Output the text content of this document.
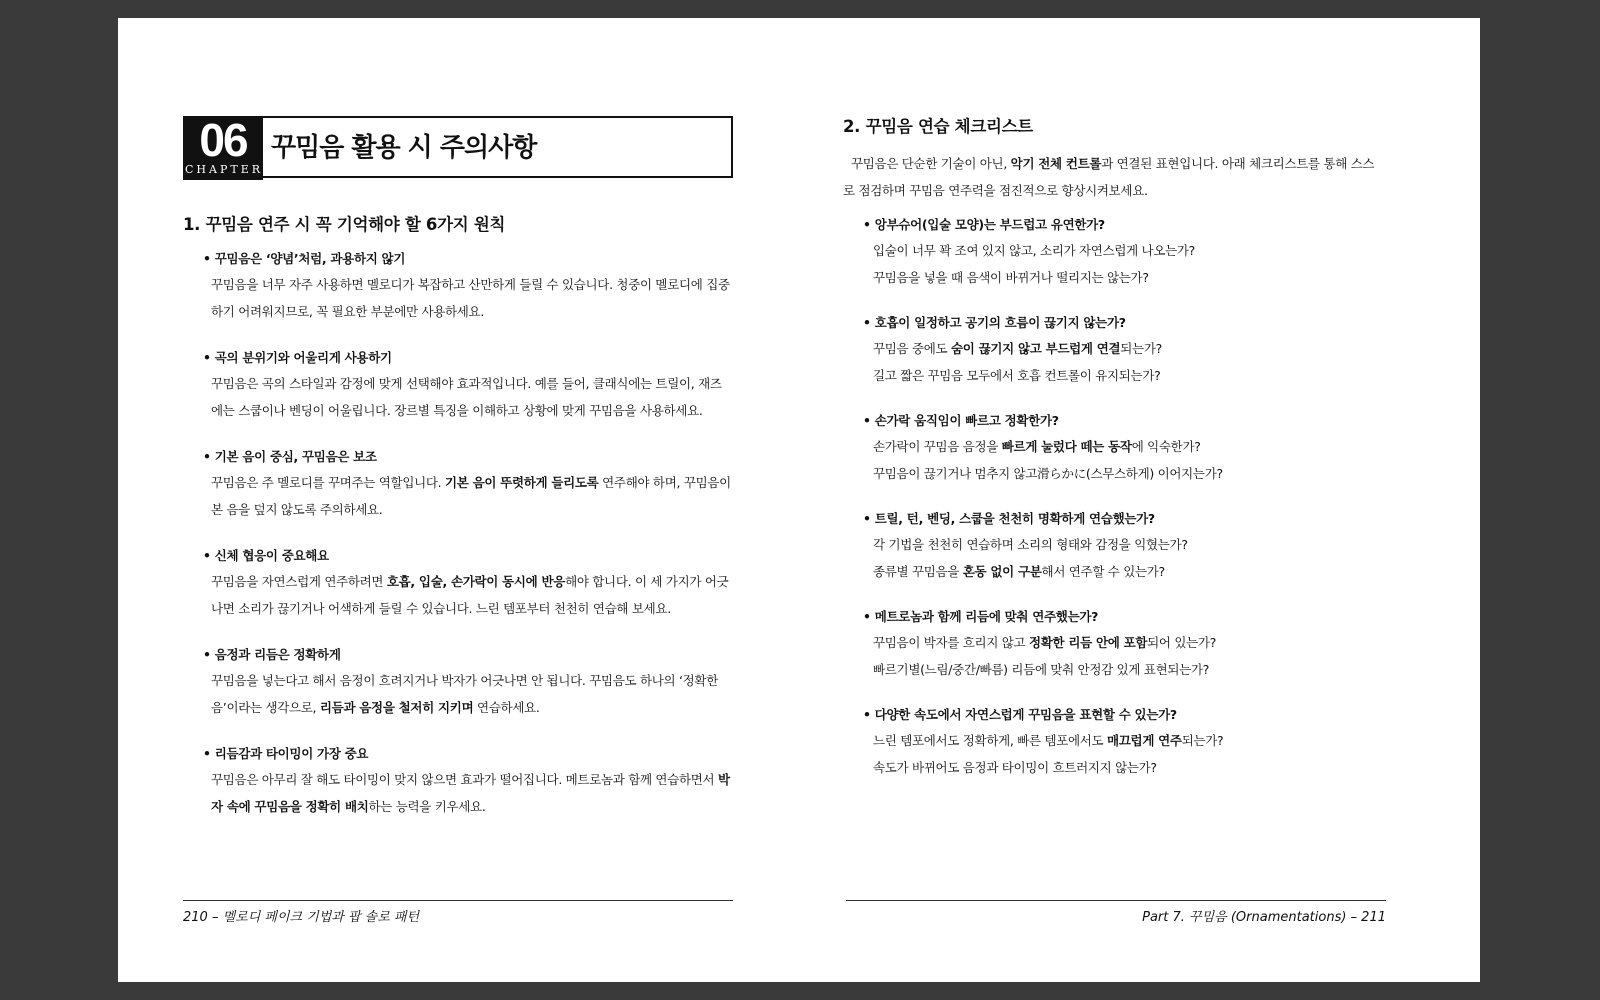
06
CHAPTER
꾸밈음 활용 시 주의사항
1. 꾸밈음 연주 시 꼭 기억해야 할 6가지 원칙
• 꾸밈음은 ‘양념’처럼, 과용하지 않기
꾸밈음을 너무 자주 사용하면 멜로디가 복잡하고 산만하게 들릴 수 있습니다. 청중이 멜로디에 집중하기 어려워지므로, 꼭 필요한 부분에만 사용하세요.
• 곡의 분위기와 어울리게 사용하기
꾸밈음은 곡의 스타일과 감정에 맞게 선택해야 효과적입니다. 예를 들어, 클래식에는 트릴이, 재즈에는 스쿱이나 벤딩이 어울립니다. 장르별 특징을 이해하고 상황에 맞게 꾸밈음을 사용하세요.
• 기본 음이 중심, 꾸밈음은 보조
꾸밈음은 주 멜로디를 꾸며주는 역할입니다. 기본 음이 뚜렷하게 들리도록 연주해야 하며, 꾸밈음이 본 음을 덮지 않도록 주의하세요.
• 신체 협응이 중요해요
꾸밈음을 자연스럽게 연주하려면 호흡, 입술, 손가락이 동시에 반응해야 합니다. 이 세 가지가 어긋나면 소리가 끊기거나 어색하게 들릴 수 있습니다. 느린 템포부터 천천히 연습해 보세요.
• 음정과 리듬은 정확하게
꾸밈음을 넣는다고 해서 음정이 흐려지거나 박자가 어긋나면 안 됩니다. 꾸밈음도 하나의 ‘정확한 음’이라는 생각으로, 리듬과 음정을 철저히 지키며 연습하세요.
• 리듬감과 타이밍이 가장 중요
꾸밈음은 아무리 잘 해도 타이밍이 맞지 않으면 효과가 떨어집니다. 메트로놈과 함께 연습하면서 박자 속에 꾸밈음을 정확히 배치하는 능력을 키우세요.
210 – 멜로디 페이크 기법과 팝 솔로 패턴
2. 꾸밈음 연습 체크리스트
꾸밈음은 단순한 기술이 아닌, 악기 전체 컨트롤과 연결된 표현입니다. 아래 체크리스트를 통해 스스로 점검하며 꾸밈음 연주력을 점진적으로 향상시켜보세요.
• 앙부슈어(입술 모양)는 부드럽고 유연한가?
입술이 너무 꽉 조여 있지 않고, 소리가 자연스럽게 나오는가?
꾸밈음을 넣을 때 음색이 바뀌거나 떨리지는 않는가?
• 호흡이 일정하고 공기의 흐름이 끊기지 않는가?
꾸밈음 중에도 숨이 끊기지 않고 부드럽게 연결되는가?
길고 짧은 꾸밈음 모두에서 호흡 컨트롤이 유지되는가?
• 손가락 움직임이 빠르고 정확한가?
손가락이 꾸밈음 음정을 빠르게 눌렀다 떼는 동작에 익숙한가?
꾸밈음이 끊기거나 멈추지 않고滑らかに(스무스하게) 이어지는가?
• 트릴, 턴, 벤딩, 스쿱을 천천히 명확하게 연습했는가?
각 기법을 천천히 연습하며 소리의 형태와 감정을 익혔는가?
종류별 꾸밈음을 혼동 없이 구분해서 연주할 수 있는가?
• 메트로놈과 함께 리듬에 맞춰 연주했는가?
꾸밈음이 박자를 흐리지 않고 정확한 리듬 안에 포함되어 있는가?
빠르기별(느림/중간/빠름) 리듬에 맞춰 안정감 있게 표현되는가?
• 다양한 속도에서 자연스럽게 꾸밈음을 표현할 수 있는가?
느린 템포에서도 정확하게, 빠른 템포에서도 매끄럽게 연주되는가?
속도가 바뀌어도 음정과 타이밍이 흐트러지지 않는가?
Part 7. 꾸밈음 (Ornamentations) – 211
